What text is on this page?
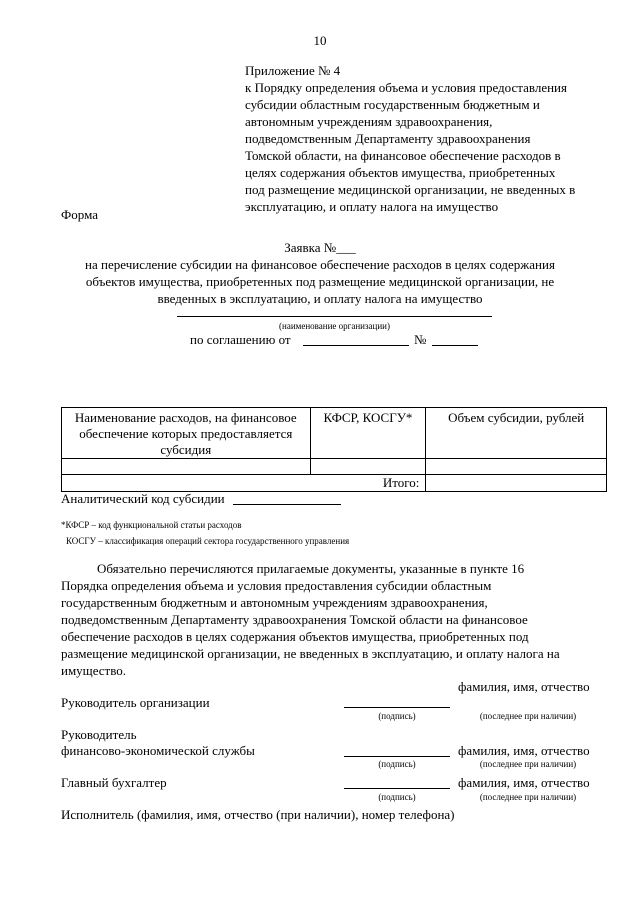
10
Приложение № 4
к Порядку определения объема и условия предоставления
субсидии областным государственным бюджетным и
автономным учреждениям здравоохранения,
подведомственным Департаменту здравоохранения
Томской области, на финансовое обеспечение расходов в
целях содержания объектов имущества, приобретенных
под размещение медицинской организации, не введенных в
эксплуатацию, и оплату налога на имущество
Форма
Заявка №___
на перечисление субсидии на финансовое обеспечение расходов в целях содержания
объектов имущества, приобретенных под размещение медицинской организации, не
введенных в эксплуатацию, и оплату налога на имущество
(наименование организации)
по соглашению от	№
Наименование расходов, на финансовое обеспечение которых предоставляется субсидия	КФСР, КОСГУ*	Объем субсидии, рублей

Итого:		
Аналитический код субсидии
*КФСР – код функциональной статьи расходов
КОСГУ – классификация операций сектора государственного управления
Обязательно перечисляются прилагаемые документы, указанные в пункте 16
Порядка определения объема и условия предоставления субсидии областным
государственным бюджетным и автономным учреждениям здравоохранения,
подведомственным Департаменту здравоохранения Томской области на финансовое
обеспечение расходов в целях содержания объектов имущества, приобретенных под
размещение медицинской организации, не введенных в эксплуатацию, и оплату налога на
имущество.
фамилия, имя, отчество
Руководитель организации
(подпись)	(последнее при наличии)
Руководитель
финансово-экономической службы	фамилия, имя, отчество
(подпись)	(последнее при наличии)
Главный бухгалтер	фамилия, имя, отчество
(подпись)	(последнее при наличии)
Исполнитель (фамилия, имя, отчество (при наличии), номер телефона)
